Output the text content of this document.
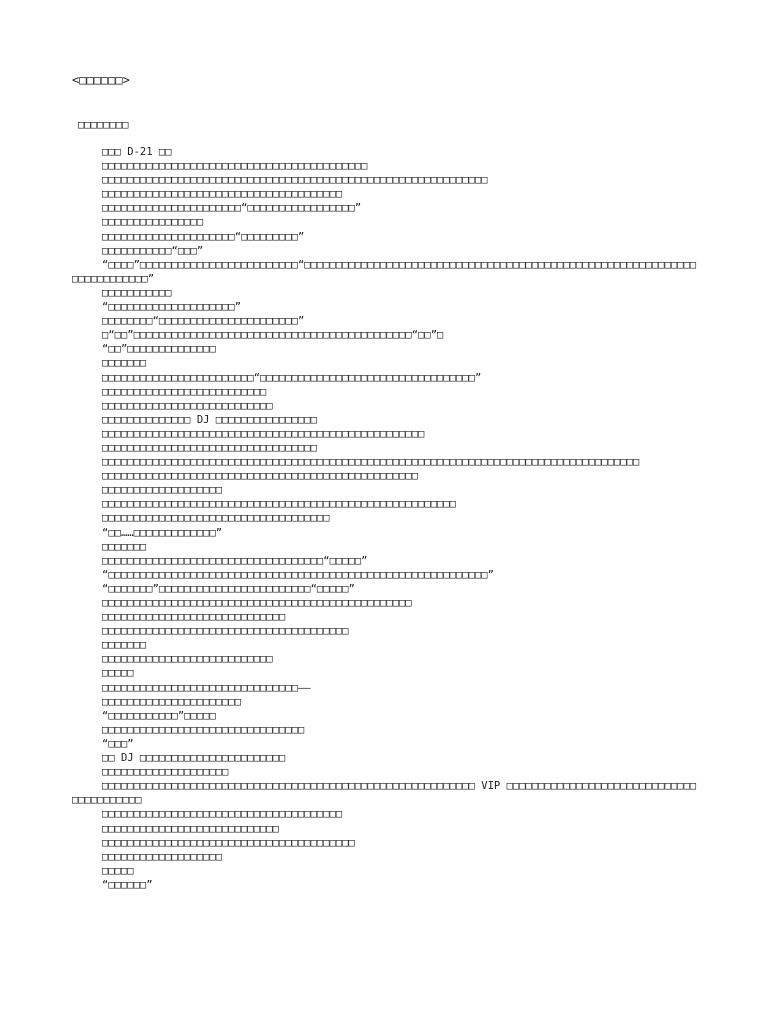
<□□□□□□>
□□□□□□□□

□□□ D-21 □□

□□□□□□□□□□□□□□□□□□□□□□□□□□□□□□□□□□□□□□□□□□

□□□□□□□□□□□□□□□□□□□□□□□□□□□□□□□□□□□□□□□□□□□□□□□□□□□□□□□□□□□□□

□□□□□□□□□□□□□□□□□□□□□□□□□□□□□□□□□□□□□□

□□□□□□□□□□□□□□□□□□□□□□“□□□□□□□□□□□□□□□□□”

□□□□□□□□□□□□□□□□

□□□□□□□□□□□□□□□□□□□□□“□□□□□□□□□”

□□□□□□□□□□□“□□□”

“□□□□”□□□□□□□□□□□□□□□□□□□□□□□□□“□□□□□□□□□□□□□□□□□□□□□□□□□□□□□□□□□□□□□□□□□□□□□□□□□□□□□□□□□□□□□□□□□□□□□□□□□□”

□□□□□□□□□□□

“□□□□□□□□□□□□□□□□□□□□”

□□□□□□□□“□□□□□□□□□□□□□□□□□□□□□□”

□“□□”□□□□□□□□□□□□□□□□□□□□□□□□□□□□□□□□□□□□□□□□□□□□“□□”□

“□□”□□□□□□□□□□□□□□

□□□□□□□

□□□□□□□□□□□□□□□□□□□□□□□□“□□□□□□□□□□□□□□□□□□□□□□□□□□□□□□□□□□”

□□□□□□□□□□□□□□□□□□□□□□□□□□

□□□□□□□□□□□□□□□□□□□□□□□□□□□

□□□□□□□□□□□□□□ DJ □□□□□□□□□□□□□□□□

□□□□□□□□□□□□□□□□□□□□□□□□□□□□□□□□□□□□□□□□□□□□□□□□□□□

□□□□□□□□□□□□□□□□□□□□□□□□□□□□□□□□□□

□□□□□□□□□□□□□□□□□□□□□□□□□□□□□□□□□□□□□□□□□□□□□□□□□□□□□□□□□□□□□□□□□□□□□□□□□□□□□□□□□□□□□

□□□□□□□□□□□□□□□□□□□□□□□□□□□□□□□□□□□□□□□□□□□□□□□□□□

□□□□□□□□□□□□□□□□□□□

□□□□□□□□□□□□□□□□□□□□□□□□□□□□□□□□□□□□□□□□□□□□□□□□□□□□□□□□

□□□□□□□□□□□□□□□□□□□□□□□□□□□□□□□□□□□□

“□□……□□□□□□□□□□□□□”

□□□□□□□

□□□□□□□□□□□□□□□□□□□□□□□□□□□□□□□□□□□“□□□□□”

“□□□□□□□□□□□□□□□□□□□□□□□□□□□□□□□□□□□□□□□□□□□□□□□□□□□□□□□□□□□□”

“□□□□□□□”□□□□□□□□□□□□□□□□□□□□□□□□“□□□□□”

□□□□□□□□□□□□□□□□□□□□□□□□□□□□□□□□□□□□□□□□□□□□□□□□□

□□□□□□□□□□□□□□□□□□□□□□□□□□□□□

□□□□□□□□□□□□□□□□□□□□□□□□□□□□□□□□□□□□□□□

□□□□□□□

□□□□□□□□□□□□□□□□□□□□□□□□□□□

□□□□□

□□□□□□□□□□□□□□□□□□□□□□□□□□□□□□□——

□□□□□□□□□□□□□□□□□□□□□□

“□□□□□□□□□□□”□□□□□

□□□□□□□□□□□□□□□□□□□□□□□□□□□□□□□□

“□□□”

□□ DJ □□□□□□□□□□□□□□□□□□□□□□□

□□□□□□□□□□□□□□□□□□□□

□□□□□□□□□□□□□□□□□□□□□□□□□□□□□□□□□□□□□□□□□□□□□□□□□□□□□□□□□□□ VIP □□□□□□□□□□□□□□□□□□□□□□□□□□□□□□□□□□□□□□□□□

□□□□□□□□□□□□□□□□□□□□□□□□□□□□□□□□□□□□□□

□□□□□□□□□□□□□□□□□□□□□□□□□□□□

□□□□□□□□□□□□□□□□□□□□□□□□□□□□□□□□□□□□□□□□

□□□□□□□□□□□□□□□□□□□

□□□□□

“□□□□□□”
